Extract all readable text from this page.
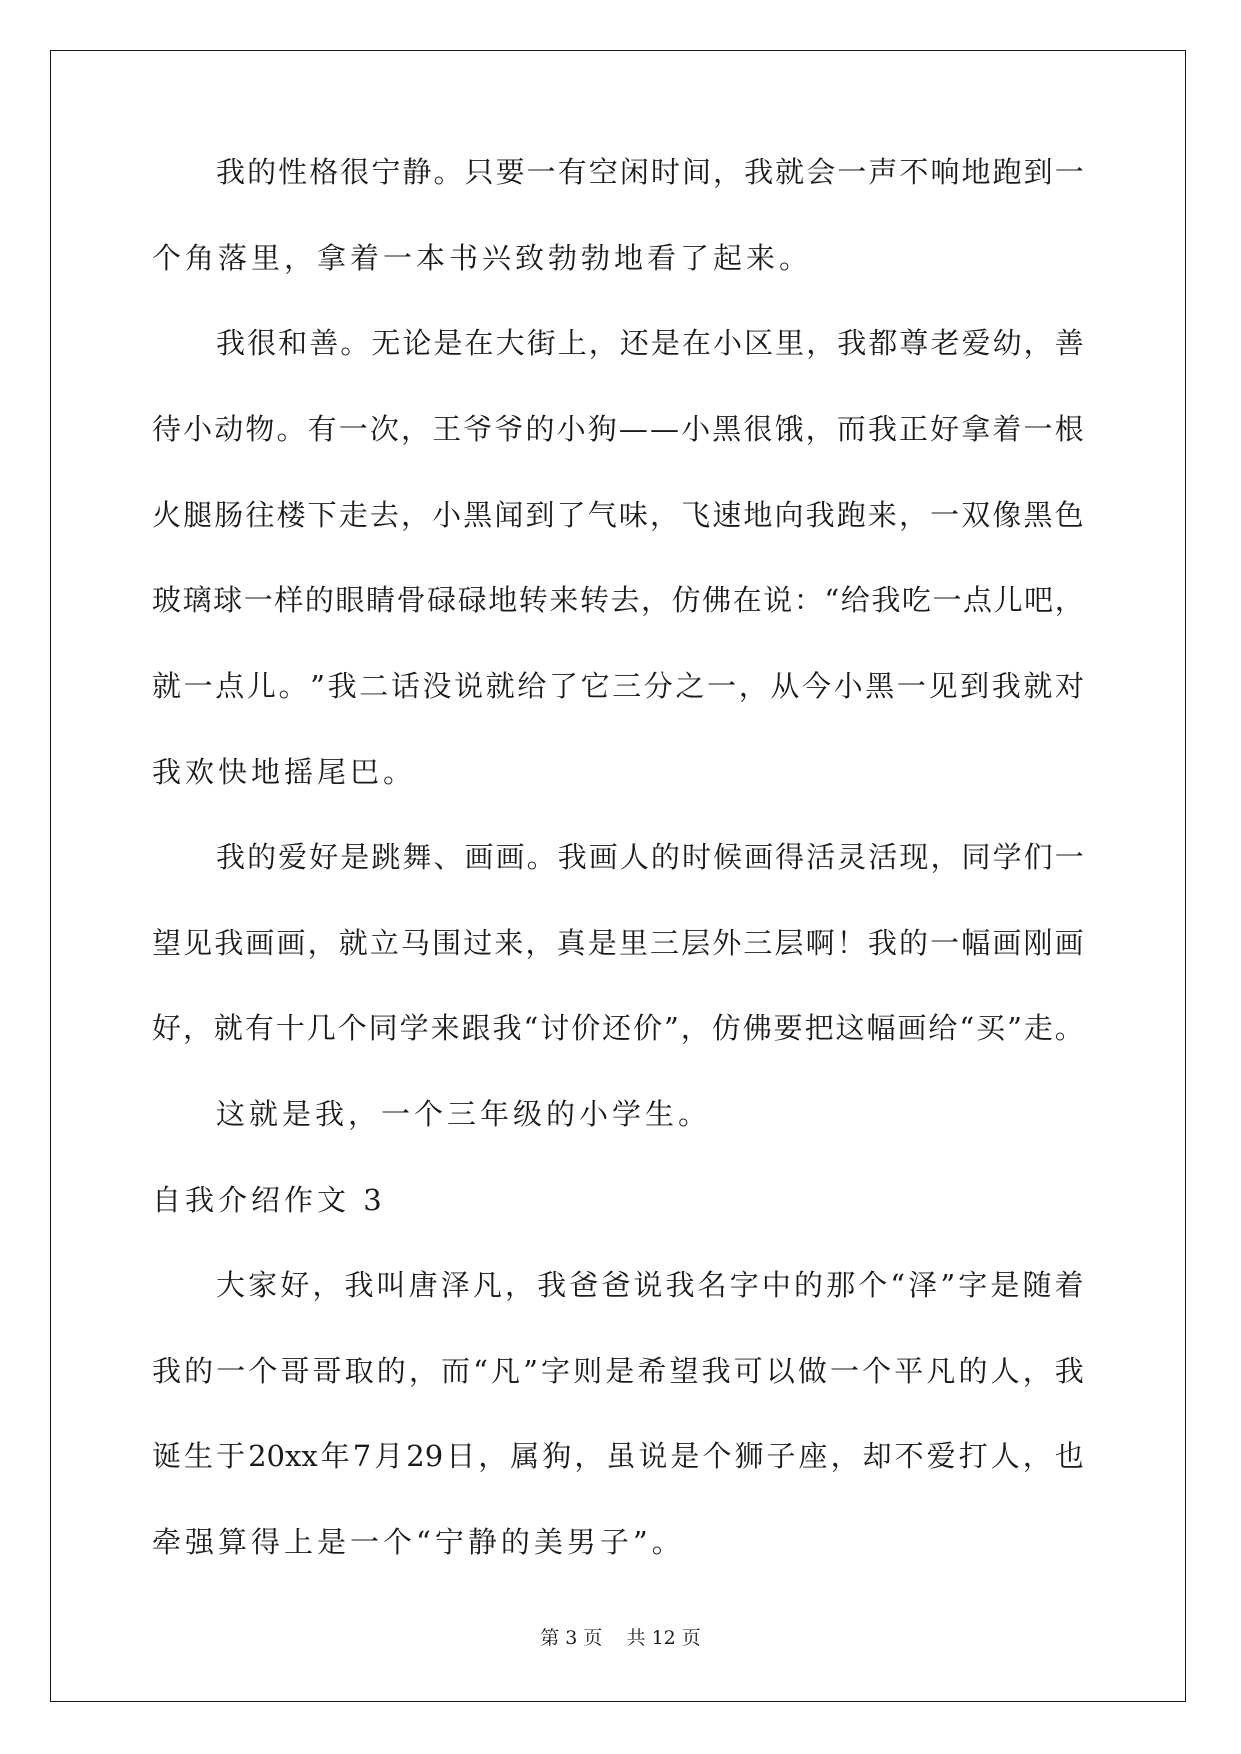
我 的 性 格 很 宁 静 。 只 要 一 有 空 闲 时 间 ， 我 就 会 一 声 不 响 地 跑 到 一
个角落里，拿着一本书兴致勃勃地看了起来。
我 很 和 善 。 无 论 是 在 大 街 上 ， 还 是 在 小 区 里 ， 我 都 尊 老 爱 幼 ， 善
待 小 动 物 。 有 一 次 ， 王 爷 爷 的 小 狗 — — 小 黑 很 饿 ， 而 我 正 好 拿 着 一 根
火 腿 肠 往 楼 下 走 去 ， 小 黑 闻 到 了 气 味 ， 飞 速 地 向 我 跑 来 ， 一 双 像 黑 色
玻 璃 球 一 样 的 眼 睛 骨 碌 碌 地 转 来 转 去 ， 仿 佛 在 说 ： “ 给 我 吃 一 点 儿 吧 ，
就 一 点 儿 。 ” 我 二 话 没 说 就 给 了 它 三 分 之 一 ， 从 今 小 黑 一 见 到 我 就 对
我欢快地摇尾巴。
我 的 爱 好 是 跳 舞 、 画 画 。 我 画 人 的 时 候 画 得 活 灵 活 现 ， 同 学 们 一
望 见 我 画 画 ， 就 立 马 围 过 来 ， 真 是 里 三 层 外 三 层 啊 ！ 我 的 一 幅 画 刚 画
好 ， 就 有 十 几 个 同 学 来 跟 我 “ 讨 价 还 价 ” ， 仿 佛 要 把 这 幅 画 给 “ 买 ” 走 。
这就是我，一个三年级的小学生。
自我介绍作文 3
大 家 好 ， 我 叫 唐 泽 凡 ， 我 爸 爸 说 我 名 字 中 的 那 个 “ 泽 ” 字 是 随 着
我 的 一 个 哥 哥 取 的 ， 而 “ 凡 ” 字 则 是 希 望 我 可 以 做 一 个 平 凡 的 人 ， 我
诞 生 于 20xx 年 7 月 29 日 ， 属 狗 ， 虽 说 是 个 狮 子 座 ， 却 不 爱 打 人 ， 也
牵强算得上是一个“宁静的美男子”。
第 3 页    共 12 页
